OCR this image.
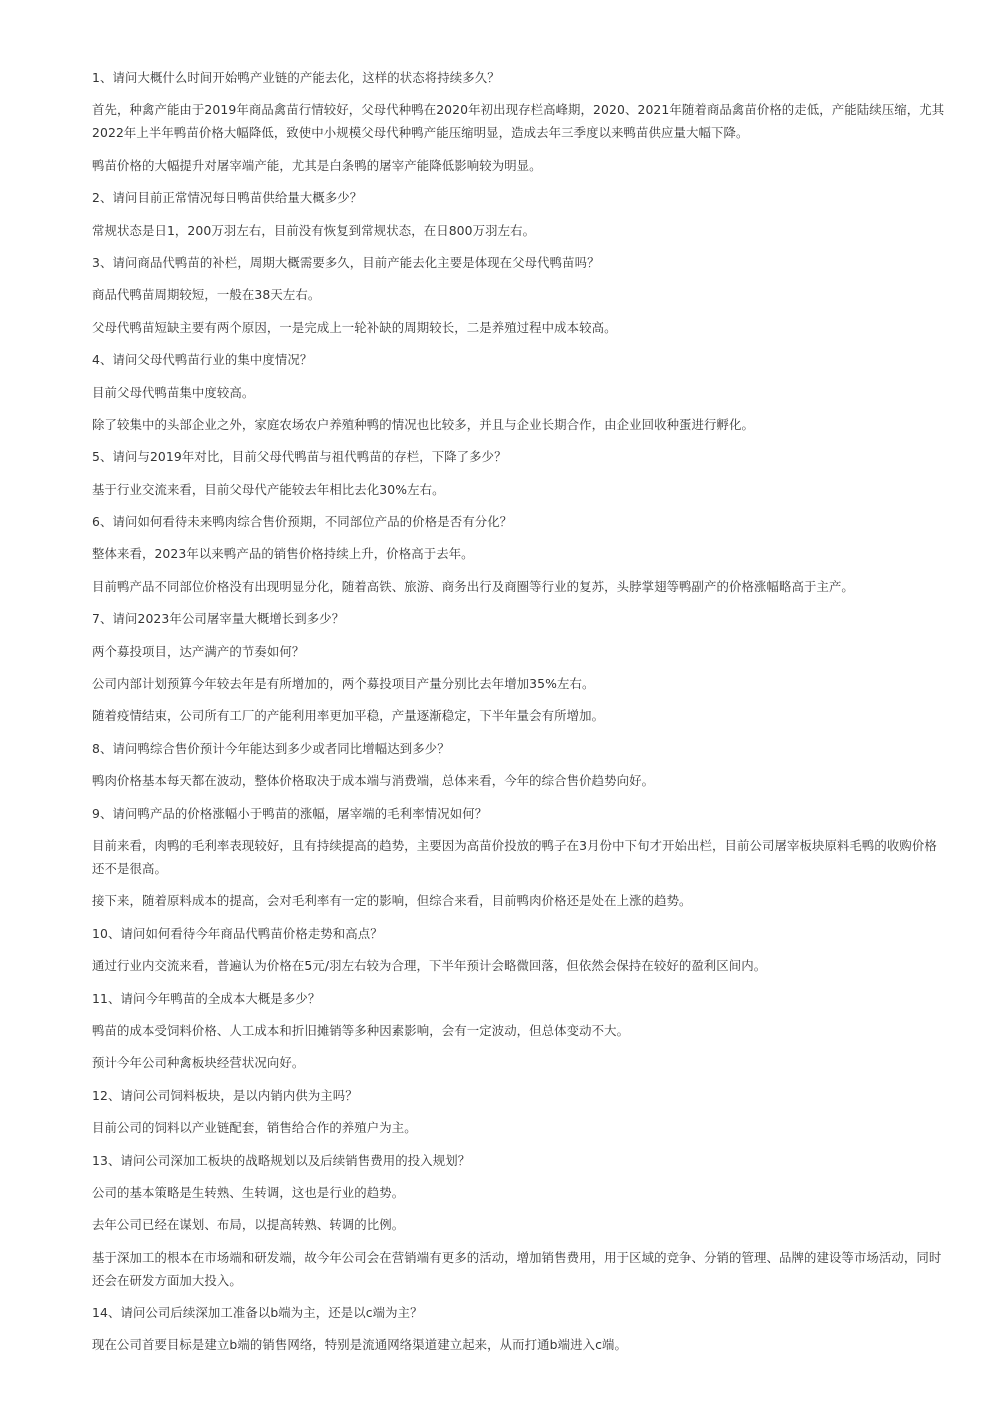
1、请问大概什么时间开始鸭产业链的产能去化，这样的状态将持续多久？

首先，种禽产能由于2019年商品禽苗行情较好，父母代种鸭在2020年初出现存栏高峰期，2020、2021年随着商品禽苗价格的走低，产能陆续压缩，尤其2022年上半年鸭苗价格大幅降低，致使中小规模父母代种鸭产能压缩明显，造成去年三季度以来鸭苗供应量大幅下降。

鸭苗价格的大幅提升对屠宰端产能，尤其是白条鸭的屠宰产能降低影响较为明显。

2、请问目前正常情况每日鸭苗供给量大概多少？

常规状态是日1，200万羽左右，目前没有恢复到常规状态，在日800万羽左右。

3、请问商品代鸭苗的补栏，周期大概需要多久，目前产能去化主要是体现在父母代鸭苗吗？

商品代鸭苗周期较短，一般在38天左右。

父母代鸭苗短缺主要有两个原因，一是完成上一轮补缺的周期较长，二是养殖过程中成本较高。

4、请问父母代鸭苗行业的集中度情况？

目前父母代鸭苗集中度较高。

除了较集中的头部企业之外，家庭农场农户养殖种鸭的情况也比较多，并且与企业长期合作，由企业回收种蛋进行孵化。

5、请问与2019年对比，目前父母代鸭苗与祖代鸭苗的存栏，下降了多少？

基于行业交流来看，目前父母代产能较去年相比去化30%左右。

6、请问如何看待未来鸭肉综合售价预期，不同部位产品的价格是否有分化？

整体来看，2023年以来鸭产品的销售价格持续上升，价格高于去年。

目前鸭产品不同部位价格没有出现明显分化，随着高铁、旅游、商务出行及商圈等行业的复苏，头脖掌翅等鸭副产的价格涨幅略高于主产。

7、请问2023年公司屠宰量大概增长到多少？

两个募投项目，达产满产的节奏如何？

公司内部计划预算今年较去年是有所增加的，两个募投项目产量分别比去年增加35%左右。

随着疫情结束，公司所有工厂的产能利用率更加平稳，产量逐渐稳定，下半年量会有所增加。

8、请问鸭综合售价预计今年能达到多少或者同比增幅达到多少？

鸭肉价格基本每天都在波动，整体价格取决于成本端与消费端，总体来看，今年的综合售价趋势向好。

9、请问鸭产品的价格涨幅小于鸭苗的涨幅，屠宰端的毛利率情况如何？

目前来看，肉鸭的毛利率表现较好，且有持续提高的趋势，主要因为高苗价投放的鸭子在3月份中下旬才开始出栏，目前公司屠宰板块原料毛鸭的收购价格还不是很高。

接下来，随着原料成本的提高，会对毛利率有一定的影响，但综合来看，目前鸭肉价格还是处在上涨的趋势。

10、请问如何看待今年商品代鸭苗价格走势和高点？

通过行业内交流来看，普遍认为价格在5元/羽左右较为合理，下半年预计会略微回落，但依然会保持在较好的盈利区间内。

11、请问今年鸭苗的全成本大概是多少？

鸭苗的成本受饲料价格、人工成本和折旧摊销等多种因素影响，会有一定波动，但总体变动不大。

预计今年公司种禽板块经营状况向好。

12、请问公司饲料板块，是以内销内供为主吗？

目前公司的饲料以产业链配套，销售给合作的养殖户为主。

13、请问公司深加工板块的战略规划以及后续销售费用的投入规划？

公司的基本策略是生转熟、生转调，这也是行业的趋势。

去年公司已经在谋划、布局，以提高转熟、转调的比例。

基于深加工的根本在市场端和研发端，故今年公司会在营销端有更多的活动，增加销售费用，用于区域的竞争、分销的管理、品牌的建设等市场活动，同时还会在研发方面加大投入。

14、请问公司后续深加工准备以b端为主，还是以c端为主？

现在公司首要目标是建立b端的销售网络，特别是流通网络渠道建立起来，从而打通b端进入c端。
